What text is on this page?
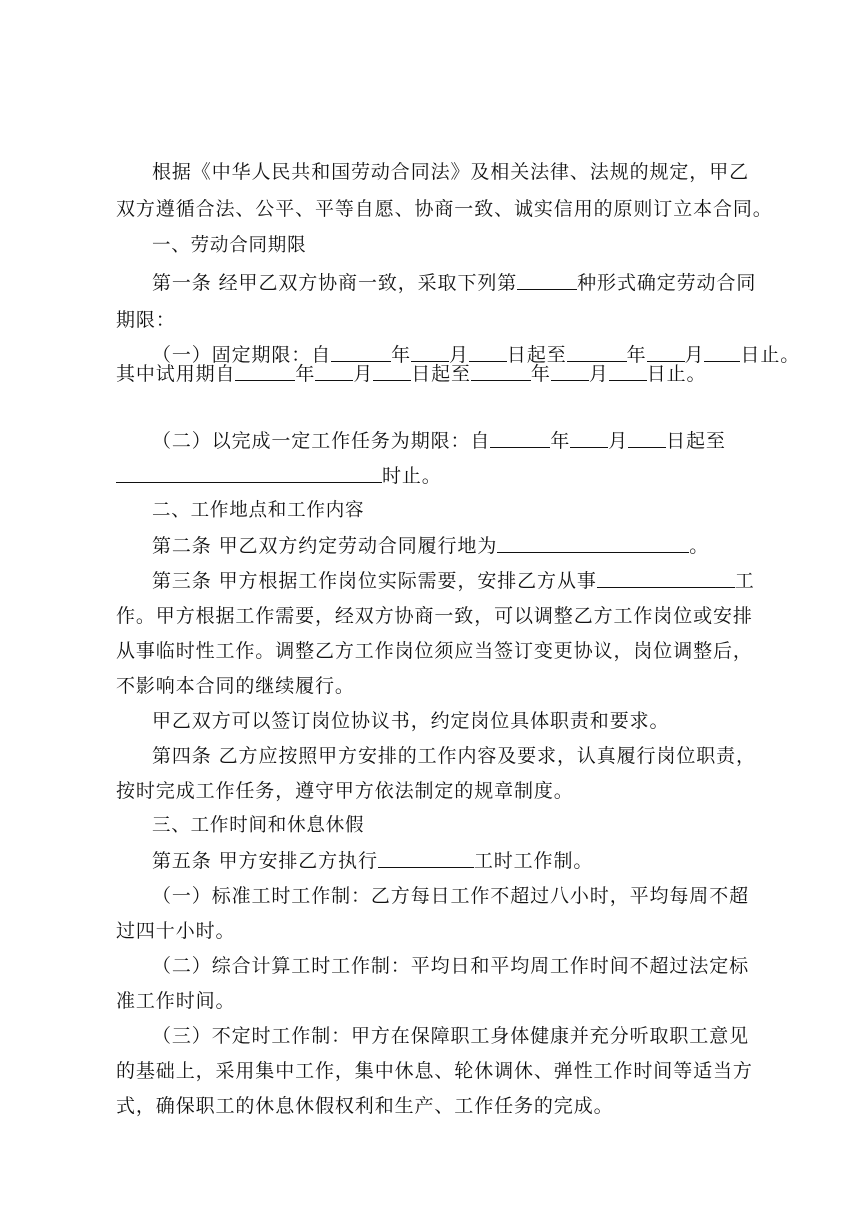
根据《中华人民共和国劳动合同法》及相关法律、法规的规定，甲乙
双方遵循合法、公平、平等自愿、协商一致、诚实信用的原则订立本合同。
一、劳动合同期限
第一条 经甲乙双方协商一致，采取下列第	种形式确定劳动合同
期限：
（一）固定期限：自	年 月 日起至	年 月 日止。
其中试用期自	年 月 日起至	年 月 日止。
（二）以完成一定工作任务为期限：自	年 月 日起至
时止。
二、工作地点和工作内容
第二条 甲乙双方约定劳动合同履行地为	。
第三条 甲方根据工作岗位实际需要，安排乙方从事	工
作。甲方根据工作需要，经双方协商一致，可以调整乙方工作岗位或安排
从事临时性工作。调整乙方工作岗位须应当签订变更协议，岗位调整后，
不影响本合同的继续履行。
甲乙双方可以签订岗位协议书，约定岗位具体职责和要求。
第四条 乙方应按照甲方安排的工作内容及要求，认真履行岗位职责，
按时完成工作任务，遵守甲方依法制定的规章制度。
三、工作时间和休息休假
第五条 甲方安排乙方执行	工时工作制。
（一）标准工时工作制：乙方每日工作不超过八小时，平均每周不超
过四十小时。
（二）综合计算工时工作制：平均日和平均周工作时间不超过法定标
准工作时间。
（三）不定时工作制：甲方在保障职工身体健康并充分听取职工意见
的基础上，采用集中工作，集中休息、轮休调休、弹性工作时间等适当方
式，确保职工的休息休假权利和生产、工作任务的完成。
